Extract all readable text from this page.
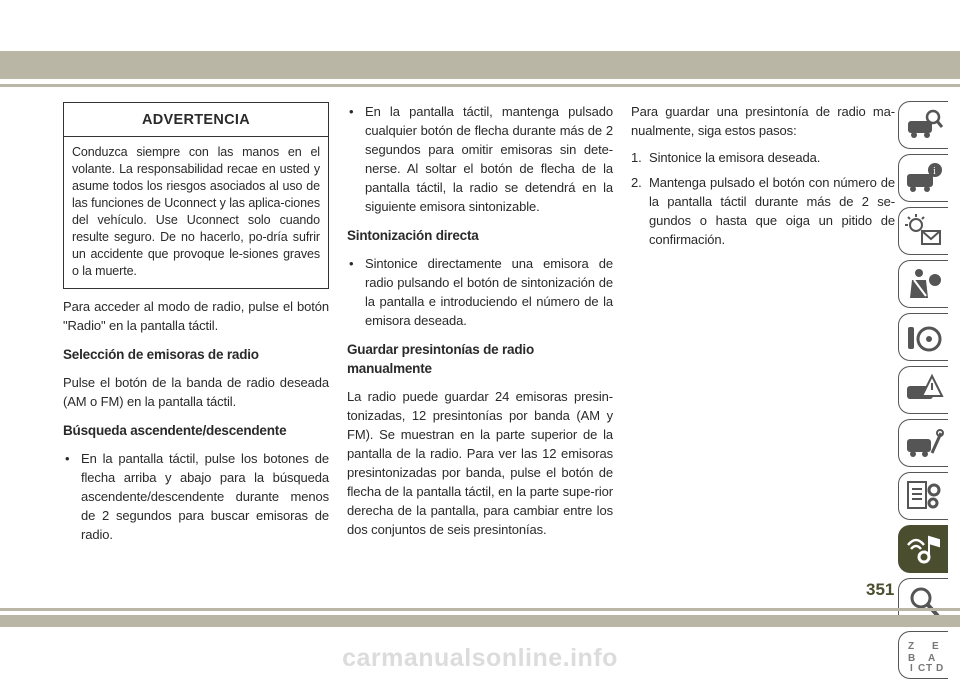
ADVERTENCIA
Conduzca siempre con las manos en el volante. La responsabilidad recae en usted y asume todos los riesgos asociados al uso de las funciones de Uconnect y las aplica-ciones del vehículo. Use Uconnect solo cuando resulte seguro. De no hacerlo, po-dría sufrir un accidente que provoque le-siones graves o la muerte.

Para acceder al modo de radio, pulse el botón "Radio" en la pantalla táctil.

Selección de emisoras de radio

Pulse el botón de la banda de radio deseada (AM o FM) en la pantalla táctil.

Búsqueda ascendente/descendente
• En la pantalla táctil, pulse los botones de flecha arriba y abajo para la búsqueda ascendente/descendente durante menos de 2 segundos para buscar emisoras de radio.
• En la pantalla táctil, mantenga pulsado cualquier botón de flecha durante más de 2 segundos para omitir emisoras sin dete-nerse. Al soltar el botón de flecha de la pantalla táctil, la radio se detendrá en la siguiente emisora sintonizable.
Sintonización directa
• Sintonice directamente una emisora de radio pulsando el botón de sintonización de la pantalla e introduciendo el número de la emisora deseada.
Guardar presintonías de radio manualmente

La radio puede guardar 24 emisoras presin-tonizadas, 12 presintonías por banda (AM y FM). Se muestran en la parte superior de la pantalla de la radio. Para ver las 12 emisoras presintonizadas por banda, pulse el botón de flecha de la pantalla táctil, en la parte supe-rior derecha de la pantalla, para cambiar entre los dos conjuntos de seis presintonías.

Para guardar una presintonía de radio ma-nualmente, siga estos pasos:

1. Sintonice la emisora deseada.
2. Mantenga pulsado el botón con número de la pantalla táctil durante más de 2 se-gundos o hasta que oiga un pitido de confirmación.
i
Z E
B A
I C T D
351
carmanualsonline.info
